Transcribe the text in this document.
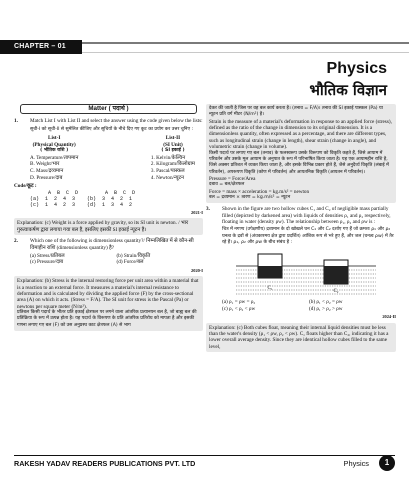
CHAPTER – 01
Physics
भौतिक विज्ञान
Matter ( पदार्थ )
1.	Match List I with List II and select the answer using the code given below the lists:
सूची-I को सूची-II से सुमेलित कीजिए और सूचियों के नीचे दिए गए कूट का प्रयोग कर उत्तर चुनिए :
List-I
(Physical Quantity)
( भौतिक राशि )
A. Temperature/तापमान
B. Weight/भार
C. Mass/द्रव्यमान
D. Pressure/दाब
List-II
(SI Unit)
( SI इकाई )
1. Kelvin/केल्विन
2. Kilogram/किलोग्राम
3. Pascal/पास्कल
4. Newton/न्यूटन
Code/कूट :
A  B  C  D         A  B  C  D
(a)  1  2  4  3    (b)  3  4  2  1
(c)  1  4  2  3    (d)  1  3  4  2
2021-I
Explanation: (c) Weight is a force applied by gravity, so its SI unit is newton. / भार गुरुत्वाकर्षण द्वारा लगाया गया बल है, इसलिए इसकी SI इकाई न्यूटन है।
2.	Which one of the following is dimensionless quantity?/ निम्नलिखित में से कौन-सी विमाहीन राशि (dimensionless quantity) है?
(a) Stress/प्रतिबल	(b) Strain/विकृति
(c) Pressure/दाब	(d) Force/बल
2020-I
Explanation: (b) Stress is the internal restoring force per unit area within a material that is a reaction to an external force. It measures a material's internal resistance to deformation and is calculated by dividing the applied force (F) by the cross-sectional area (A) on which it acts. (Stress = F/A). The SI unit for stress is the Pascal (Pa) or newtons per square meter (N/m²).
प्रतिबल किसी पदार्थ के भीतर प्रति इकाई क्षेत्रफल पर लगने वाला आंतरिक प्रत्यानयन बल है, जो बाह्य बल की प्रतिक्रिया के रूप में उत्पन्न होता है। यह पदार्थ के विरूपण के प्रति आंतरिक प्रतिरोध को मापता है और इसकी गणना लगाए गए बल (F) को उस अनुप्रस्थ काट क्षेत्रफल (A) से भाग
देकर की जाती है जिस पर वह बल कार्य करता है। (तनाव = F/A)। तनाव की SI इकाई पास्कल (Pa) या न्यूटन प्रति वर्ग मीटर (N/m²) है।
Strain is the measure of a material's deformation in response to an applied force (stress), defined as the ratio of the change in dimension to its original dimension. It is a dimensionless quantity, often expressed as a percentage, and there are different types, such as longitudinal strain (change in length), shear strain (change in angle), and volumetric strain (change in volume).
किसी पदार्थ पर लगाए गए बल (तनाव) के फलस्वरूप उसके विरूपण को विकृति कहते हैं, जिसे आयाम में परिवर्तन और उसके मूल आयाम के अनुपात के रूप में परिभाषित किया जाता है। यह एक आयामहीन राशि है, जिसे अक्सर प्रतिशत में व्यक्त किया जाता है, और इसके विभिन्न प्रकार होते हैं, जैसे अनुदैर्ध्य विकृति (लंबाई में परिवर्तन), अपरूपण विकृति (कोण में परिवर्तन) और आयतनिक विकृति (आयतन में परिवर्तन)।
Pressure = Force/Area
दबाव = बल/क्षेत्रफल
Force = mass × acceleration = kg.m/s² = newton
बल = द्रव्यमान × त्वरण = kg.m/s² = न्यूटन
3.	Shown in the figure are two hollow cubes C₁ and C₂ of negligible mass partially filled (depicted by darkened area) with liquids of densities ρ₁ and ρ₂ respectively, floating in water (density ρw). The relationship between ρ₁, ρ₂ and ρw is :
चित्र में नगण्य (उपेक्षणीय) द्रव्यमान के दो खोखले घन C₁ और C₂ दर्शाए गए हैं जो क्रमशः ρ₁ और ρ₂ घनत्व के द्रवों से (अंधकारमय क्षेत्र द्वारा प्रदर्शित) आंशिक रूप से भरे हुए हैं, और जल (घनत्व ρw) में तैर रहे हैं। ρ₁, ρ₂ और ρw के बीच संबंध है :
C₁
C₂
(a) ρ₁ = ρw = ρ₂	(b) ρ₁ < ρ₂ = ρw
(c) ρ₁ < ρ₂ < ρw	(d) ρ₁ > ρ₂ > ρw
2024-II
Explanation: (c) Both cubes float, meaning their internal liquid densities must be less than the water's density (ρ₁ < ρw, ρ₂ < ρw). C₁ floats higher than C₂, indicating it has a lower overall average density. Since they are identical hollow cubes filled to the same level,
RAKESH YADAV READERS PUBLICATIONS PVT. LTD	Physics	1
